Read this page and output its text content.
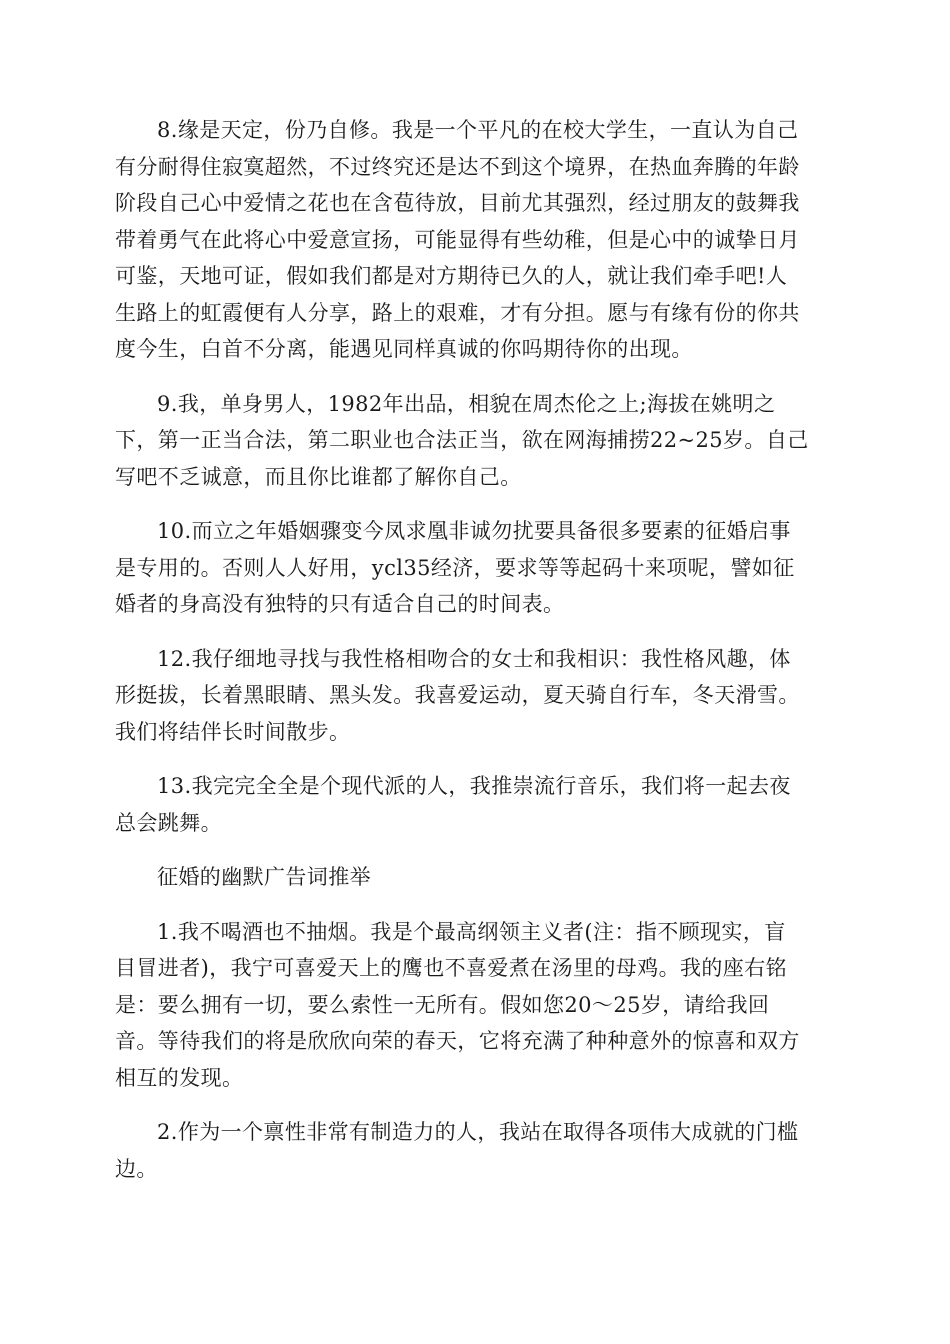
8.缘是天定，份乃自修。我是一个平凡的在校大学生，一直认为自己
有分耐得住寂寞超然，不过终究还是达不到这个境界，在热血奔腾的年龄
阶段自己心中爱情之花也在含苞待放，目前尤其强烈，经过朋友的鼓舞我
带着勇气在此将心中爱意宣扬，可能显得有些幼稚，但是心中的诚挚日月
可鉴，天地可证，假如我们都是对方期待已久的人，就让我们牵手吧!人
生路上的虹霞便有人分享，路上的艰难，才有分担。愿与有缘有份的你共
度今生，白首不分离，能遇见同样真诚的你吗期待你的出现。
9.我，单身男人，1982年出品，相貌在周杰伦之上;海拔在姚明之
下，第一正当合法，第二职业也合法正当，欲在网海捕捞22~25岁。自己
写吧不乏诚意，而且你比谁都了解你自己。
10.而立之年婚姻骤变今凤求凰非诚勿扰要具备很多要素的征婚启事
是专用的。否则人人好用，ycl35经济，要求等等起码十来项呢，譬如征
婚者的身高没有独特的只有适合自己的时间表。
12.我仔细地寻找与我性格相吻合的女士和我相识：我性格风趣，体
形挺拔，长着黑眼睛、黑头发。我喜爱运动，夏天骑自行车，冬天滑雪。
我们将结伴长时间散步。
13.我完完全全是个现代派的人，我推崇流行音乐，我们将一起去夜
总会跳舞。
征婚的幽默广告词推举
1.我不喝酒也不抽烟。我是个最高纲领主义者(注：指不顾现实，盲
目冒进者)，我宁可喜爱天上的鹰也不喜爱煮在汤里的母鸡。我的座右铭
是：要么拥有一切，要么索性一无所有。假如您20～25岁，请给我回
音。等待我们的将是欣欣向荣的春天，它将充满了种种意外的惊喜和双方
相互的发现。
2.作为一个禀性非常有制造力的人，我站在取得各项伟大成就的门槛
边。
